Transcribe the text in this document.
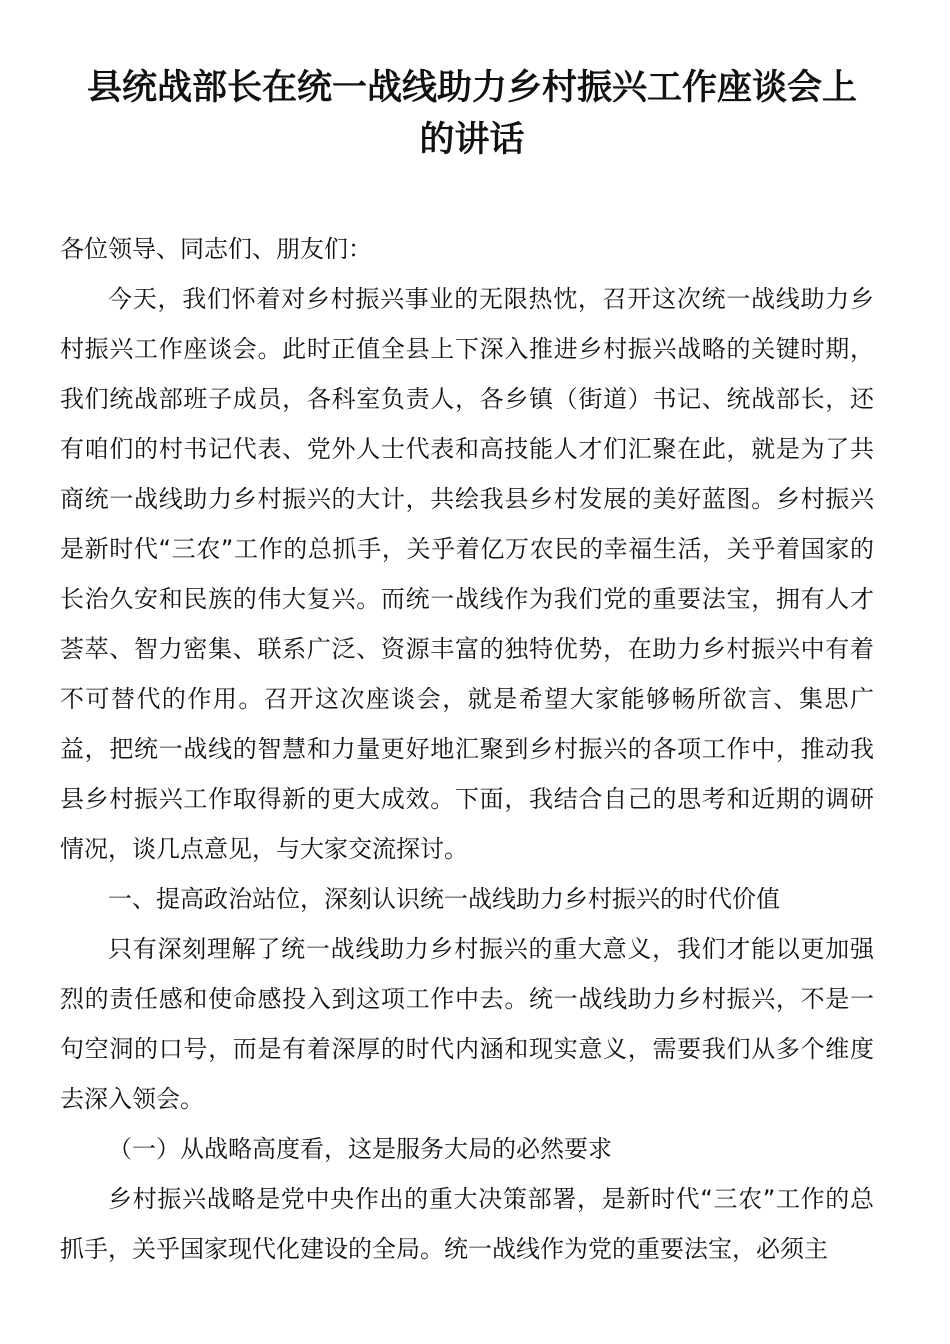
县统战部长在统一战线助力乡村振兴工作座谈会上的讲话

各位领导、同志们、朋友们：

今天，我们怀着对乡村振兴事业的无限热忱，召开这次统一战线助力乡村振兴工作座谈会。此时正值全县上下深入推进乡村振兴战略的关键时期，我们统战部班子成员，各科室负责人，各乡镇（街道）书记、统战部长，还有咱们的村书记代表、党外人士代表和高技能人才们汇聚在此，就是为了共商统一战线助力乡村振兴的大计，共绘我县乡村发展的美好蓝图。乡村振兴是新时代“三农”工作的总抓手，关乎着亿万农民的幸福生活，关乎着国家的长治久安和民族的伟大复兴。而统一战线作为我们党的重要法宝，拥有人才荟萃、智力密集、联系广泛、资源丰富的独特优势，在助力乡村振兴中有着不可替代的作用。召开这次座谈会，就是希望大家能够畅所欲言、集思广益，把统一战线的智慧和力量更好地汇聚到乡村振兴的各项工作中，推动我县乡村振兴工作取得新的更大成效。下面，我结合自己的思考和近期的调研情况，谈几点意见，与大家交流探讨。

一、提高政治站位，深刻认识统一战线助力乡村振兴的时代价值

只有深刻理解了统一战线助力乡村振兴的重大意义，我们才能以更加强烈的责任感和使命感投入到这项工作中去。统一战线助力乡村振兴，不是一句空洞的口号，而是有着深厚的时代内涵和现实意义，需要我们从多个维度去深入领会。

（一）从战略高度看，这是服务大局的必然要求

乡村振兴战略是党中央作出的重大决策部署，是新时代“三农”工作的总抓手，关乎国家现代化建设的全局。统一战线作为党的重要法宝，必须主
